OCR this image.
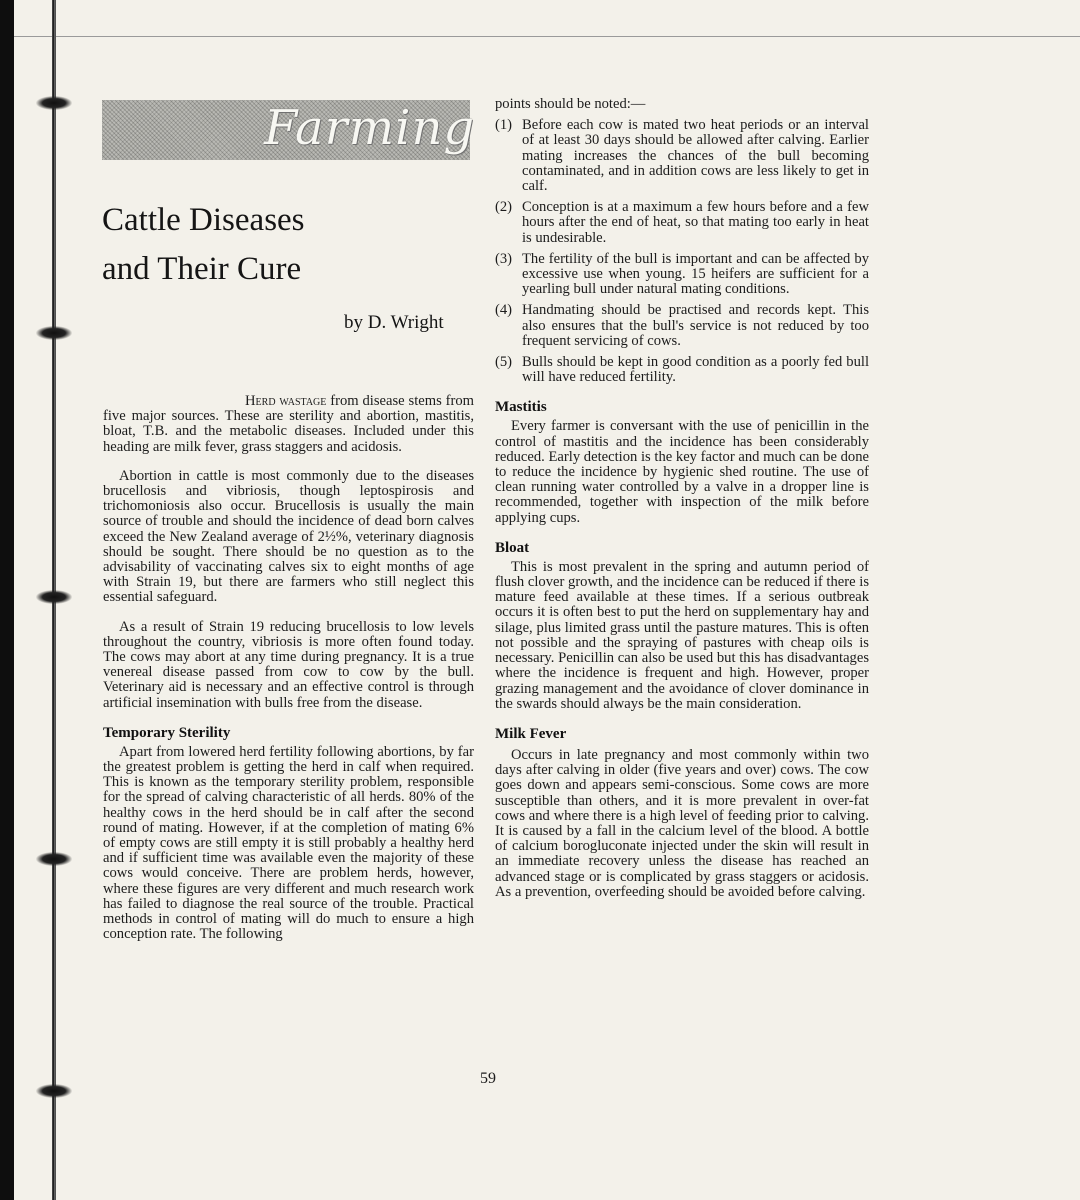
Farming
Cattle Diseases
and Their Cure
by D. Wright

Herd wastage from disease stems from five major sources. These are sterility and abortion, mastitis, bloat, T.B. and the metabolic diseases. Included under this heading are milk fever, grass staggers and acidosis.

Abortion in cattle is most commonly due to the diseases brucellosis and vibriosis, though leptospirosis and trichomoniosis also occur. Brucellosis is usually the main source of trouble and should the incidence of dead born calves exceed the New Zealand average of 2½%, veterinary diagnosis should be sought. There should be no question as to the advisability of vaccinating calves six to eight months of age with Strain 19, but there are farmers who still neglect this essential safeguard.

As a result of Strain 19 reducing brucellosis to low levels throughout the country, vibriosis is more often found today. The cows may abort at any time during pregnancy. It is a true venereal disease passed from cow to cow by the bull. Veterinary aid is necessary and an effective control is through artificial insemination with bulls free from the disease.

Temporary Sterility

Apart from lowered herd fertility following abortions, by far the greatest problem is getting the herd in calf when required. This is known as the temporary sterility problem, responsible for the spread of calving characteristic of all herds. 80% of the healthy cows in the herd should be in calf after the second round of mating. However, if at the completion of mating 6% of empty cows are still empty it is still probably a healthy herd and if sufficient time was available even the majority of these cows would conceive. There are problem herds, however, where these figures are very different and much research work has failed to diagnose the real source of the trouble. Practical methods in control of mating will do much to ensure a high conception rate. The following

points should be noted:—

(1) Before each cow is mated two heat periods or an interval of at least 30 days should be allowed after calving. Earlier mating increases the chances of the bull becoming contaminated, and in addition cows are less likely to get in calf.
(2) Conception is at a maximum a few hours before and a few hours after the end of heat, so that mating too early in heat is undesirable.
(3) The fertility of the bull is important and can be affected by excessive use when young. 15 heifers are sufficient for a yearling bull under natural mating conditions.
(4) Handmating should be practised and records kept. This also ensures that the bull's service is not reduced by too frequent servicing of cows.
(5) Bulls should be kept in good condition as a poorly fed bull will have reduced fertility.
Mastitis

Every farmer is conversant with the use of penicillin in the control of mastitis and the incidence has been considerably reduced. Early detection is the key factor and much can be done to reduce the incidence by hygienic shed routine. The use of clean running water controlled by a valve in a dropper line is recommended, together with inspection of the milk before applying cups.

Bloat

This is most prevalent in the spring and autumn period of flush clover growth, and the incidence can be reduced if there is mature feed available at these times. If a serious outbreak occurs it is often best to put the herd on supplementary hay and silage, plus limited grass until the pasture matures. This is often not possible and the spraying of pastures with cheap oils is necessary. Penicillin can also be used but this has disadvantages where the incidence is frequent and high. However, proper grazing management and the avoidance of clover dominance in the swards should always be the main consideration.

Milk Fever

Occurs in late pregnancy and most commonly within two days after calving in older (five years and over) cows. The cow goes down and appears semi-conscious. Some cows are more susceptible than others, and it is more prevalent in over-fat cows and where there is a high level of feeding prior to calving. It is caused by a fall in the calcium level of the blood. A bottle of calcium borogluconate injected under the skin will result in an immediate recovery unless the disease has reached an advanced stage or is complicated by grass staggers or acidosis. As a prevention, overfeeding should be avoided before calving.

59
